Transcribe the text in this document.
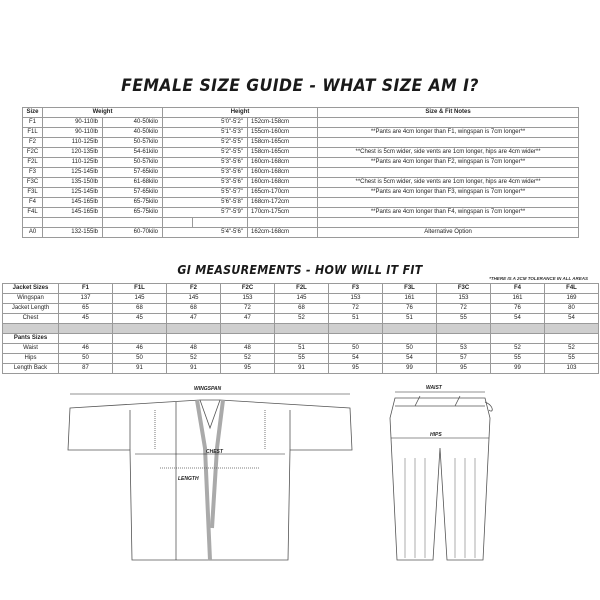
FEMALE SIZE GUIDE - WHAT SIZE AM I?
Size	Weight		Height			Size & Fit Notes
F1	90-110lb	40-50kilo	5'0"-5'2"		152cm-158cm	
F1L	90-110lb	40-50kilo	5'1"-5'3"		155cm-160cm	**Pants are 4cm longer than F1, wingspan is 7cm longer**
F2	110-125lb	50-57kilo	5'2"-5'5"		158cm-165cm	
F2C	120-135lb	54-61kilo	5'2"-5'5"		158cm-165cm	**Chest is 5cm wider, side vents are 1cm longer, hips are 4cm wider**
F2L	110-125lb	50-57kilo	5'3"-5'6"		160cm-168cm	**Pants are 4cm longer than F2, wingspan is 7cm longer**
F3	125-145lb	57-65kilo	5'3"-5'6"		160cm-168cm	
F3C	135-150lb	61-68kilo	5'3"-5'6"		160cm-168cm	**Chest is 5cm wider, side vents are 1cm longer, hips are 4cm wider**
F3L	125-145lb	57-65kilo	5'5"-5'7"		165cm-170cm	**Pants are 4cm longer than F3, wingspan is 7cm longer**
F4	145-165lb	65-75kilo	5'6"-5'8"		168cm-172cm	
F4L	145-165lb	65-75kilo	5'7"-5'9"		170cm-175cm	**Pants are 4cm longer than F4, wingspan is 7cm longer**

A0	132-155lb	60-70kilo	5'4"-5'6"		162cm-168cm	Alternative Option
GI MEASUREMENTS - HOW WILL IT FIT
*THERE IS A 2CM TOLERANCE IN ALL AREAS
Jacket Sizes	F1	F1L	F2	F2C	F2L	F3	F3L	F3C	F4	F4L
Wingspan	137	145	145	153	145	153	161	153	161	169
Jacket Length	65	68	68	72	68	72	76	72	76	80
Chest	45	45	47	47	52	51	51	55	54	54

Pants Sizes										
Waist	46	46	48	48	51	50	50	53	52	52
Hips	50	50	52	52	55	54	54	57	55	55
Length Back	87	91	91	95	91	95	99	95	99	103
WINGSPAN
CHEST
LENGTH
WAIST
HIPS
